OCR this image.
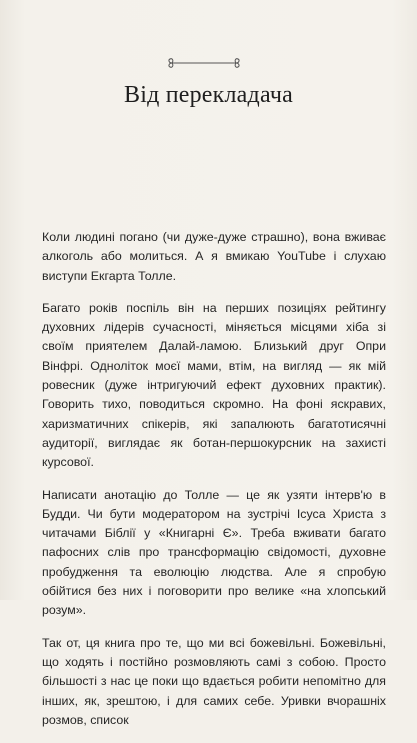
Від перекладача

Коли людині погано (чи дуже-дуже страшно), вона вживає алкоголь або молиться. А я вмикаю YouTube і слухаю виступи Екгарта Толле.

Багато років поспіль він на перших позиціях рейтингу духовних лідерів сучасності, міняється місцями хіба зі своїм приятелем Далай-ламою. Близький друг Опри Вінфрі. Одноліток моєї мами, втім, на вигляд — як мій ровесник (дуже інтригуючий ефект духовних практик). Говорить тихо, поводиться скромно. На фоні яскравих, харизматичних спікерів, які запалюють багатотисячні аудиторії, виглядає як ботан-першокурсник на захисті курсової.

Написати анотацію до Толле — це як узяти інтерв'ю в Будди. Чи бути модератором на зустрічі Ісуса Христа з читачами Біблії у «Книгарні Є». Треба вживати багато пафосних слів про трансформацію свідомості, духовне пробудження та еволюцію людства. Але я спробую обійтися без них і поговорити про велике «на хлопський розум».

Так от, ця книга про те, що ми всі божевільні. Божевільні, що ходять і постійно розмовляють самі з собою. Просто більшості з нас це поки що вдається робити непомітно для інших, як, зрештою, і для самих себе. Уривки вчорашніх розмов, список
